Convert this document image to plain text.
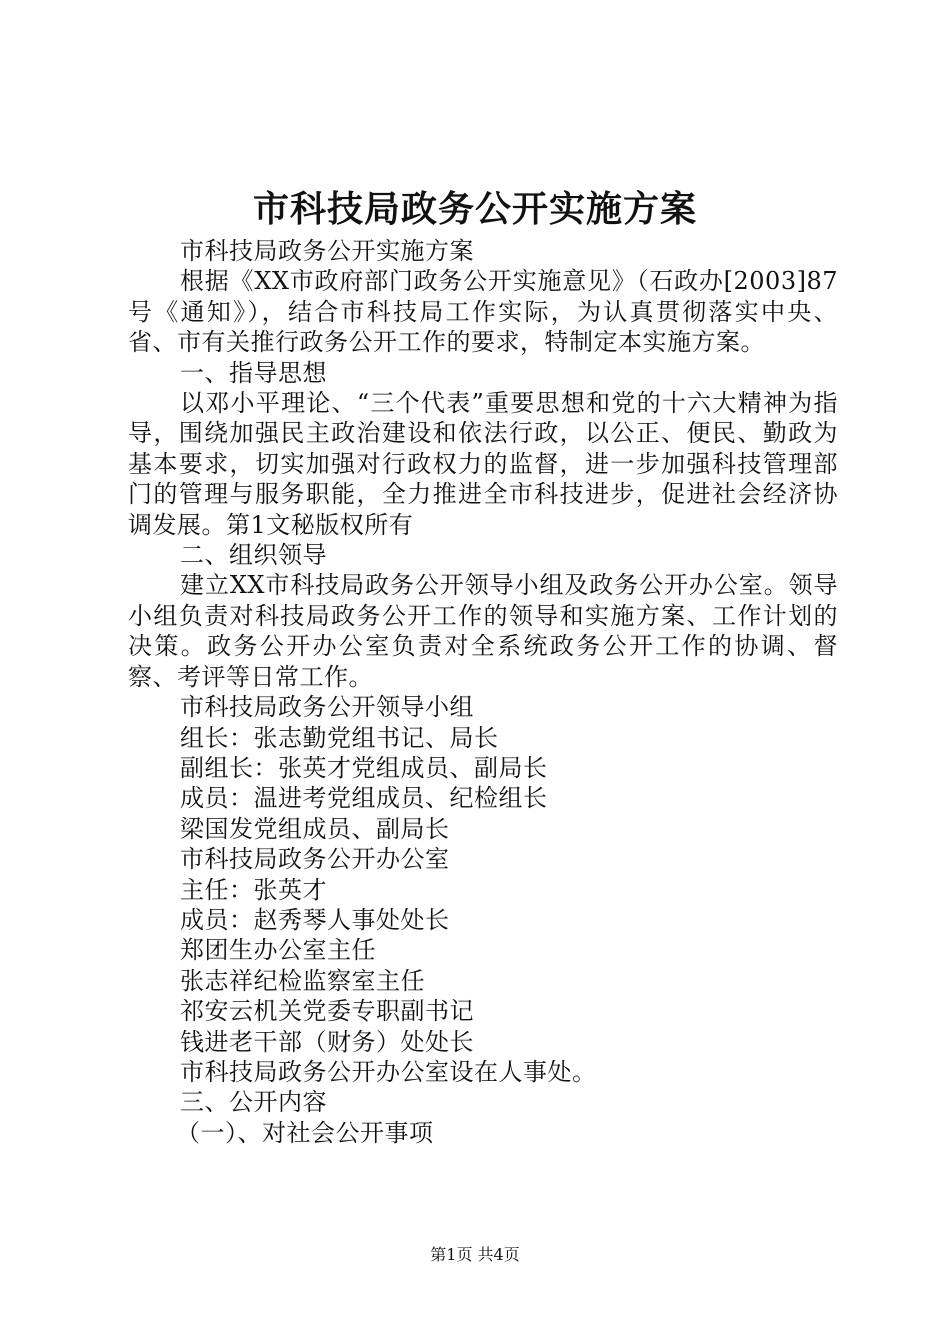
市科技局政务公开实施方案

市科技局政务公开实施方案

根据《XX市政府部门政务公开实施意见》（石政办[2003]87号《通知》），结合市科技局工作实际，为认真贯彻落实中央、省、市有关推行政务公开工作的要求，特制定本实施方案。

一、指导思想

以邓小平理论、“三个代表”重要思想和党的十六大精神为指导，围绕加强民主政治建设和依法行政，以公正、便民、勤政为基本要求，切实加强对行政权力的监督，进一步加强科技管理部门的管理与服务职能，全力推进全市科技进步，促进社会经济协调发展。第1文秘版权所有

二、组织领导

建立XX市科技局政务公开领导小组及政务公开办公室。领导小组负责对科技局政务公开工作的领导和实施方案、工作计划的决策。政务公开办公室负责对全系统政务公开工作的协调、督察、考评等日常工作。

市科技局政务公开领导小组

组长：张志勤党组书记、局长

副组长：张英才党组成员、副局长

成员：温进考党组成员、纪检组长

梁国发党组成员、副局长

市科技局政务公开办公室

主任：张英才

成员：赵秀琴人事处处长

郑团生办公室主任

张志祥纪检监察室主任

祁安云机关党委专职副书记

钱进老干部（财务）处处长

市科技局政务公开办公室设在人事处。

三、公开内容

（一）、对社会公开事项

第1页 共4页
